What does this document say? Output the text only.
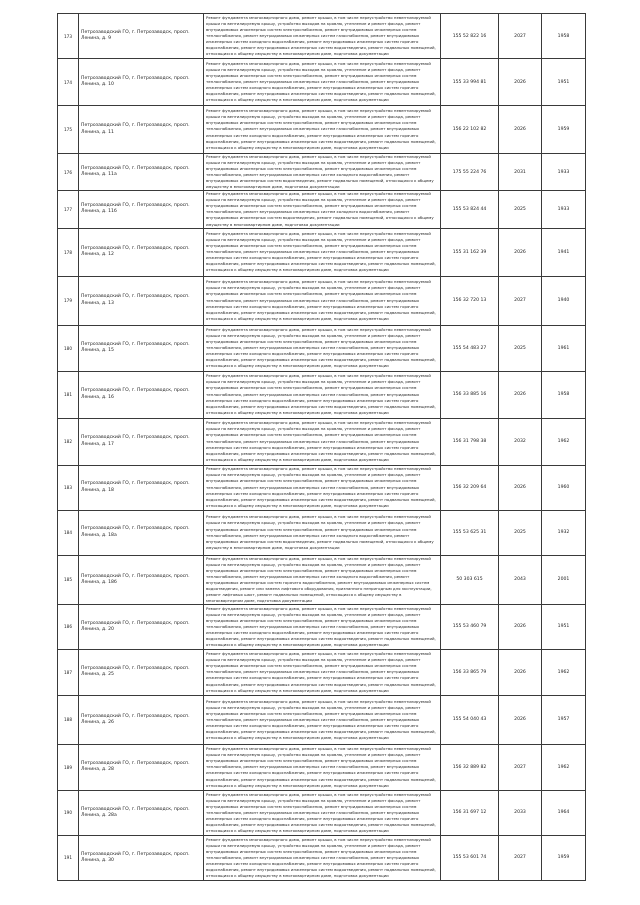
173	Петрозаводский ГО, г. Петрозаводск, просп. Ленина, д. 9	Ремонт фундамента многоквартирного дома, ремонт крыши, в том числе переустройство невентилируемой крыши на вентилируемую крышу, устройство выходов на кровлю, утепление и ремонт фасада, ремонт внутридомовых инженерных систем электроснабжения, ремонт внутридомовых инженерных систем теплоснабжения, ремонт внутридомовых инженерных систем газоснабжения, ремонт внутридомовых инженерных систем холодного водоснабжения, ремонт внутридомовых инженерных систем горячего водоснабжения, ремонт внутридомовых инженерных систем водоотведения, ремонт подвальных помещений, относящихся к общему имуществу в многоквартирном доме, подготовка документации	155 52 822 16	2027	1958
174	Петрозаводский ГО, г. Петрозаводск, просп. Ленина, д. 10	Ремонт фундамента многоквартирного дома, ремонт крыши, в том числе переустройство невентилируемой крыши на вентилируемую крышу, устройство выходов на кровлю, утепление и ремонт фасада, ремонт внутридомовых инженерных систем электроснабжения, ремонт внутридомовых инженерных систем теплоснабжения, ремонт внутридомовых инженерных систем газоснабжения, ремонт внутридомовых инженерных систем холодного водоснабжения, ремонт внутридомовых инженерных систем горячего водоснабжения, ремонт внутридомовых инженерных систем водоотведения, ремонт подвальных помещений, относящихся к общему имуществу в многоквартирном доме, подготовка документации	155 33 994 81	2026	1951
175	Петрозаводский ГО, г. Петрозаводск, просп. Ленина, д. 11	Ремонт фундамента многоквартирного дома, ремонт крыши, в том числе переустройство невентилируемой крыши на вентилируемую крышу, устройство выходов на кровлю, утепление и ремонт фасада, ремонт внутридомовых инженерных систем электроснабжения, ремонт внутридомовых инженерных систем теплоснабжения, ремонт внутридомовых инженерных систем газоснабжения, ремонт внутридомовых инженерных систем холодного водоснабжения, ремонт внутридомовых инженерных систем горячего водоснабжения, ремонт внутридомовых инженерных систем водоотведения, ремонт подвальных помещений, относящихся к общему имуществу в многоквартирном доме, подготовка документации	156 22 102 82	2026	1959
176	Петрозаводский ГО, г. Петрозаводск, просп. Ленина, д. 11а	Ремонт фундамента многоквартирного дома, ремонт крыши, в том числе переустройство невентилируемой крыши на вентилируемую крышу, устройство выходов на кровлю, утепление и ремонт фасада, ремонт внутридомовых инженерных систем электроснабжения, ремонт внутридомовых инженерных систем теплоснабжения, ремонт внутридомовых инженерных систем холодного водоснабжения, ремонт внутридомовых инженерных систем водоотведения, ремонт подвальных помещений, относящихся к общему имуществу в многоквартирном доме, подготовка документации	175 55 224 76	2031	1933
177	Петрозаводский ГО, г. Петрозаводск, просп. Ленина, д. 11б	Ремонт фундамента многоквартирного дома, ремонт крыши, в том числе переустройство невентилируемой крыши на вентилируемую крышу, устройство выходов на кровлю, утепление и ремонт фасада, ремонт внутридомовых инженерных систем электроснабжения, ремонт внутридомовых инженерных систем теплоснабжения, ремонт внутридомовых инженерных систем холодного водоснабжения, ремонт внутридомовых инженерных систем водоотведения, ремонт подвальных помещений, относящихся к общему имуществу в многоквартирном доме, подготовка документации	155 53 824 44	2025	1933
178	Петрозаводский ГО, г. Петрозаводск, просп. Ленина, д. 12	Ремонт фундамента многоквартирного дома, ремонт крыши, в том числе переустройство невентилируемой крыши на вентилируемую крышу, устройство выходов на кровлю, утепление и ремонт фасада, ремонт внутридомовых инженерных систем электроснабжения, ремонт внутридомовых инженерных систем теплоснабжения, ремонт внутридомовых инженерных систем газоснабжения, ремонт внутридомовых инженерных систем холодного водоснабжения, ремонт внутридомовых инженерных систем горячего водоснабжения, ремонт внутридомовых инженерных систем водоотведения, ремонт подвальных помещений, относящихся к общему имуществу в многоквартирном доме, подготовка документации	155 31 162 39	2026	1941
179	Петрозаводский ГО, г. Петрозаводск, просп. Ленина, д. 13	Ремонт фундамента многоквартирного дома, ремонт крыши, в том числе переустройство невентилируемой крыши на вентилируемую крышу, устройство выходов на кровлю, утепление и ремонт фасада, ремонт внутридомовых инженерных систем электроснабжения, ремонт внутридомовых инженерных систем теплоснабжения, ремонт внутридомовых инженерных систем газоснабжения, ремонт внутридомовых инженерных систем холодного водоснабжения, ремонт внутридомовых инженерных систем горячего водоснабжения, ремонт внутридомовых инженерных систем водоотведения, ремонт подвальных помещений, относящихся к общему имуществу в многоквартирном доме, подготовка документации	156 32 720 13	2027	1940
180	Петрозаводский ГО, г. Петрозаводск, просп. Ленина, д. 15	Ремонт фундамента многоквартирного дома, ремонт крыши, в том числе переустройство невентилируемой крыши на вентилируемую крышу, устройство выходов на кровлю, утепление и ремонт фасада, ремонт внутридомовых инженерных систем электроснабжения, ремонт внутридомовых инженерных систем теплоснабжения, ремонт внутридомовых инженерных систем газоснабжения, ремонт внутридомовых инженерных систем холодного водоснабжения, ремонт внутридомовых инженерных систем горячего водоснабжения, ремонт внутридомовых инженерных систем водоотведения, ремонт подвальных помещений, относящихся к общему имуществу в многоквартирном доме, подготовка документации	155 54 483 27	2025	1961
181	Петрозаводский ГО, г. Петрозаводск, просп. Ленина, д. 16	Ремонт фундамента многоквартирного дома, ремонт крыши, в том числе переустройство невентилируемой крыши на вентилируемую крышу, устройство выходов на кровлю, утепление и ремонт фасада, ремонт внутридомовых инженерных систем электроснабжения, ремонт внутридомовых инженерных систем теплоснабжения, ремонт внутридомовых инженерных систем газоснабжения, ремонт внутридомовых инженерных систем холодного водоснабжения, ремонт внутридомовых инженерных систем горячего водоснабжения, ремонт внутридомовых инженерных систем водоотведения, ремонт подвальных помещений, относящихся к общему имуществу в многоквартирном доме, подготовка документации	156 33 885 16	2026	1958
182	Петрозаводский ГО, г. Петрозаводск, просп. Ленина, д. 17	Ремонт фундамента многоквартирного дома, ремонт крыши, в том числе переустройство невентилируемой крыши на вентилируемую крышу, устройство выходов на кровлю, утепление и ремонт фасада, ремонт внутридомовых инженерных систем электроснабжения, ремонт внутридомовых инженерных систем теплоснабжения, ремонт внутридомовых инженерных систем газоснабжения, ремонт внутридомовых инженерных систем холодного водоснабжения, ремонт внутридомовых инженерных систем горячего водоснабжения, ремонт внутридомовых инженерных систем водоотведения, ремонт подвальных помещений, относящихся к общему имуществу в многоквартирном доме, подготовка документации	156 31 798 38	2032	1962
183	Петрозаводский ГО, г. Петрозаводск, просп. Ленина, д. 18	Ремонт фундамента многоквартирного дома, ремонт крыши, в том числе переустройство невентилируемой крыши на вентилируемую крышу, устройство выходов на кровлю, утепление и ремонт фасада, ремонт внутридомовых инженерных систем электроснабжения, ремонт внутридомовых инженерных систем теплоснабжения, ремонт внутридомовых инженерных систем газоснабжения, ремонт внутридомовых инженерных систем холодного водоснабжения, ремонт внутридомовых инженерных систем горячего водоснабжения, ремонт внутридомовых инженерных систем водоотведения, ремонт подвальных помещений, относящихся к общему имуществу в многоквартирном доме, подготовка документации	156 32 209 64	2026	1960
184	Петрозаводский ГО, г. Петрозаводск, просп. Ленина, д. 18а	Ремонт фундамента многоквартирного дома, ремонт крыши, в том числе переустройство невентилируемой крыши на вентилируемую крышу, устройство выходов на кровлю, утепление и ремонт фасада, ремонт внутридомовых инженерных систем электроснабжения, ремонт внутридомовых инженерных систем теплоснабжения, ремонт внутридомовых инженерных систем холодного водоснабжения, ремонт внутридомовых инженерных систем водоотведения, ремонт подвальных помещений, относящихся к общему имуществу в многоквартирном доме, подготовка документации	155 53 625 31	2025	1932
185	Петрозаводский ГО, г. Петрозаводск, просп. Ленина, д. 18б	Ремонт фундамента многоквартирного дома, ремонт крыши, в том числе переустройство невентилируемой крыши на вентилируемую крышу, устройство выходов на кровлю, утепление и ремонт фасада, ремонт внутридомовых инженерных систем электроснабжения, ремонт внутридомовых инженерных систем теплоснабжения, ремонт внутридомовых инженерных систем холодного водоснабжения, ремонт внутридомовых инженерных систем горячего водоснабжения, ремонт внутридомовых инженерных систем водоотведения, ремонт или замена лифтового оборудования, признанного непригодным для эксплуатации, ремонт лифтовых шахт, ремонт подвальных помещений, относящихся к общему имуществу в многоквартирном доме, подготовка документации	50 303 615	2043	2001
186	Петрозаводский ГО, г. Петрозаводск, просп. Ленина, д. 20	Ремонт фундамента многоквартирного дома, ремонт крыши, в том числе переустройство невентилируемой крыши на вентилируемую крышу, устройство выходов на кровлю, утепление и ремонт фасада, ремонт внутридомовых инженерных систем электроснабжения, ремонт внутридомовых инженерных систем теплоснабжения, ремонт внутридомовых инженерных систем газоснабжения, ремонт внутридомовых инженерных систем холодного водоснабжения, ремонт внутридомовых инженерных систем горячего водоснабжения, ремонт внутридомовых инженерных систем водоотведения, ремонт подвальных помещений, относящихся к общему имуществу в многоквартирном доме, подготовка документации	155 53 460 79	2026	1951
187	Петрозаводский ГО, г. Петрозаводск, просп. Ленина, д. 25	Ремонт фундамента многоквартирного дома, ремонт крыши, в том числе переустройство невентилируемой крыши на вентилируемую крышу, устройство выходов на кровлю, утепление и ремонт фасада, ремонт внутридомовых инженерных систем электроснабжения, ремонт внутридомовых инженерных систем теплоснабжения, ремонт внутридомовых инженерных систем газоснабжения, ремонт внутридомовых инженерных систем холодного водоснабжения, ремонт внутридомовых инженерных систем горячего водоснабжения, ремонт внутридомовых инженерных систем водоотведения, ремонт подвальных помещений, относящихся к общему имуществу в многоквартирном доме, подготовка документации	156 33 865 79	2026	1962
188	Петрозаводский ГО, г. Петрозаводск, просп. Ленина, д. 26	Ремонт фундамента многоквартирного дома, ремонт крыши, в том числе переустройство невентилируемой крыши на вентилируемую крышу, устройство выходов на кровлю, утепление и ремонт фасада, ремонт внутридомовых инженерных систем электроснабжения, ремонт внутридомовых инженерных систем теплоснабжения, ремонт внутридомовых инженерных систем газоснабжения, ремонт внутридомовых инженерных систем холодного водоснабжения, ремонт внутридомовых инженерных систем горячего водоснабжения, ремонт внутридомовых инженерных систем водоотведения, ремонт подвальных помещений, относящихся к общему имуществу в многоквартирном доме, подготовка документации	155 54 040 43	2026	1957
189	Петрозаводский ГО, г. Петрозаводск, просп. Ленина, д. 28	Ремонт фундамента многоквартирного дома, ремонт крыши, в том числе переустройство невентилируемой крыши на вентилируемую крышу, устройство выходов на кровлю, утепление и ремонт фасада, ремонт внутридомовых инженерных систем электроснабжения, ремонт внутридомовых инженерных систем теплоснабжения, ремонт внутридомовых инженерных систем газоснабжения, ремонт внутридомовых инженерных систем холодного водоснабжения, ремонт внутридомовых инженерных систем горячего водоснабжения, ремонт внутридомовых инженерных систем водоотведения, ремонт подвальных помещений, относящихся к общему имуществу в многоквартирном доме, подготовка документации	156 32 889 82	2027	1962
190	Петрозаводский ГО, г. Петрозаводск, просп. Ленина, д. 28а	Ремонт фундамента многоквартирного дома, ремонт крыши, в том числе переустройство невентилируемой крыши на вентилируемую крышу, устройство выходов на кровлю, утепление и ремонт фасада, ремонт внутридомовых инженерных систем электроснабжения, ремонт внутридомовых инженерных систем теплоснабжения, ремонт внутридомовых инженерных систем газоснабжения, ремонт внутридомовых инженерных систем холодного водоснабжения, ремонт внутридомовых инженерных систем горячего водоснабжения, ремонт внутридомовых инженерных систем водоотведения, ремонт подвальных помещений, относящихся к общему имуществу в многоквартирном доме, подготовка документации	156 31 697 12	2033	1964
191	Петрозаводский ГО, г. Петрозаводск, просп. Ленина, д. 30	Ремонт фундамента многоквартирного дома, ремонт крыши, в том числе переустройство невентилируемой крыши на вентилируемую крышу, устройство выходов на кровлю, утепление и ремонт фасада, ремонт внутридомовых инженерных систем электроснабжения, ремонт внутридомовых инженерных систем теплоснабжения, ремонт внутридомовых инженерных систем газоснабжения, ремонт внутридомовых инженерных систем холодного водоснабжения, ремонт внутридомовых инженерных систем горячего водоснабжения, ремонт внутридомовых инженерных систем водоотведения, ремонт подвальных помещений, относящихся к общему имуществу в многоквартирном доме, подготовка документации	155 53 601 74	2027	1959
